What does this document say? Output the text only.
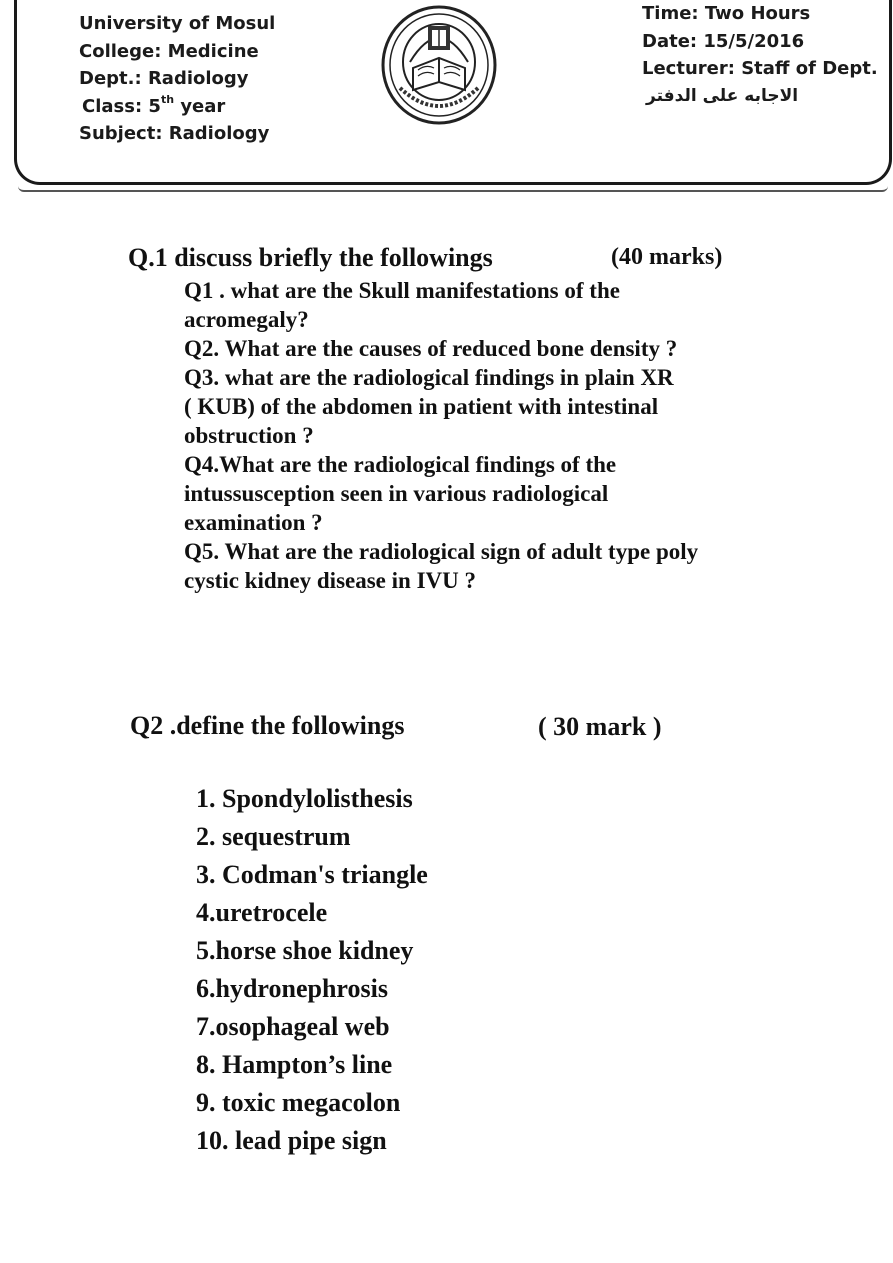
University of Mosul
College: Medicine
Dept.: Radiology
Class: 5th year
Subject: Radiology
Time: Two Hours
Date: 15/5/2016
Lecturer: Staff of Dept.
الاجابه على الدفتر
Q.1 discuss briefly the followings	(40 marks)
Q1 . what are the Skull manifestations of the
acromegaly?
Q2. What are the causes of reduced bone density ?
Q3. what are the radiological findings in plain XR
( KUB) of the abdomen in patient with intestinal
obstruction ?
Q4.What are the radiological findings of the
intussusception seen in various radiological
examination ?
Q5. What are the radiological sign of adult type poly
cystic kidney disease in IVU ?
Q2 .define the followings	( 30 mark )
1. Spondylolisthesis
2. sequestrum
3. Codman's triangle
4.uretrocele
5.horse shoe kidney
6.hydronephrosis
7.osophageal web
8. Hampton’s line
9. toxic megacolon
10. lead pipe sign
